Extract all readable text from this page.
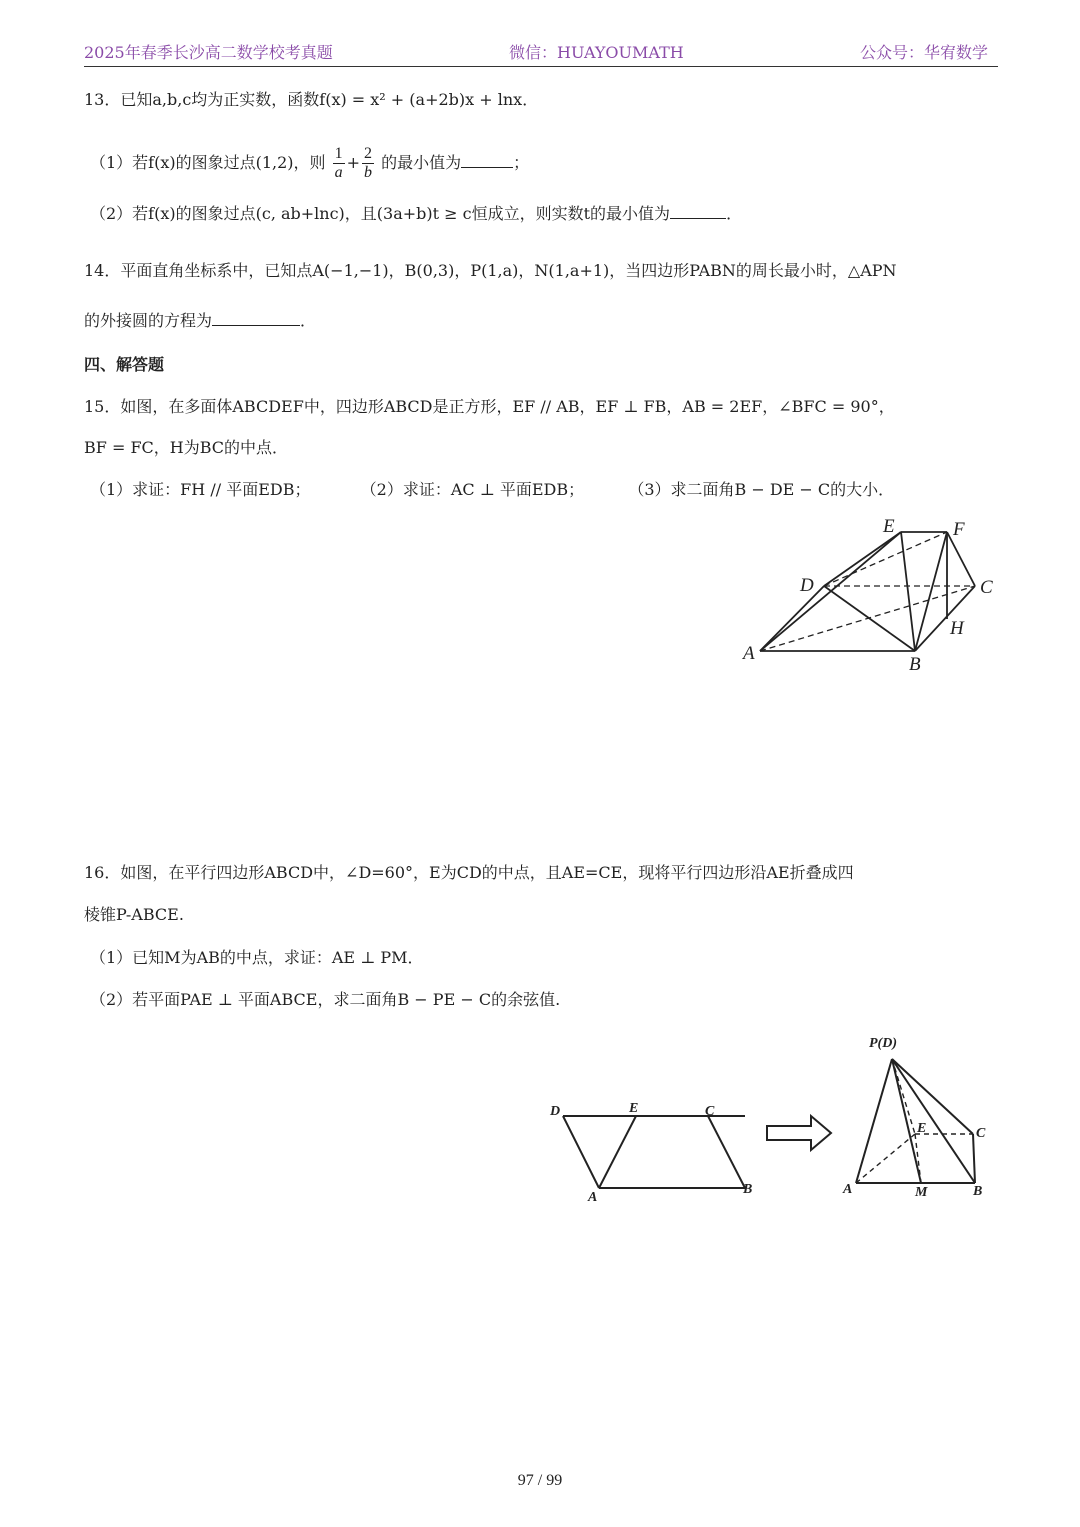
2025年春季长沙高二数学校考真题	微信：HUAYOUMATH	公众号：华宥数学
13．已知a,b,c均为正实数，函数f(x) = x² + (a+2b)x + lnx．
（1）若f(x)的图象过点(1,2)，则 $\frac{1}{a} + \frac{2}{b}$ 的最小值为	；
（2）若f(x)的图象过点(c, ab+lnc)，且(3a+b)t ≥ c恒成立，则实数t的最小值为	．
14．平面直角坐标系中，已知点A(−1,−1)，B(0,3)，P(1,a)，N(1,a+1)，当四边形PABN的周长最小时，△APN
的外接圆的方程为	．
四、解答题
15．如图，在多面体ABCDEF中，四边形ABCD是正方形，EF // AB，EF ⊥ FB，AB = 2EF，∠BFC = 90°，
BF = FC，H为BC的中点．
（1）求证：FH // 平面EDB；	（2）求证：AC ⊥ 平面EDB；	（3）求二面角B − DE − C的大小．
E	F
D	C
H
A
B
16．如图，在平行四边形ABCD中，∠D=60°，E为CD的中点，且AE=CE，现将平行四边形沿AE折叠成四
棱锥P-ABCE.
（1）已知M为AB的中点，求证：AE ⊥ PM．
（2）若平面PAE ⊥ 平面ABCE，求二面角B − PE − C的余弦值.
D	E	C
A
B
P(D)
E	C
A	M	B
97 / 99
